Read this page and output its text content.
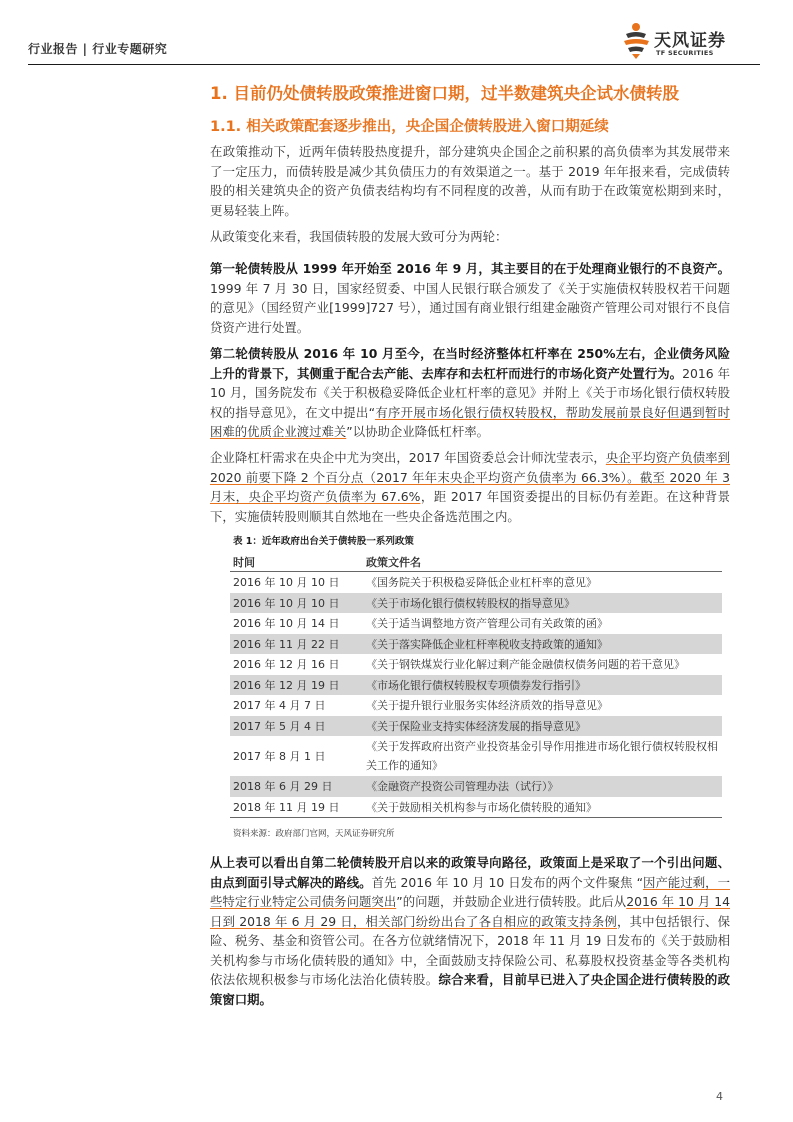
行业报告 | 行业专题研究	天风证券
TF SECURITIES
1. 目前仍处债转股政策推进窗口期，过半数建筑央企试水债转股
1.1. 相关政策配套逐步推出，央企国企债转股进入窗口期延续
在政策推动下，近两年债转股热度提升，部分建筑央企国企之前积累的高负债率为其发展带来了一定压力，而债转股是减少其负债压力的有效渠道之一。基于 2019 年年报来看，完成债转股的相关建筑央企的资产负债表结构均有不同程度的改善，从而有助于在政策宽松期到来时，更易轻装上阵。
从政策变化来看，我国债转股的发展大致可分为两轮：
第一轮债转股从 1999 年开始至 2016 年 9 月，其主要目的在于处理商业银行的不良资产。1999 年 7 月 30 日，国家经贸委、中国人民银行联合颁发了《关于实施债权转股权若干问题的意见》（国经贸产业[1999]727 号），通过国有商业银行组建金融资产管理公司对银行不良信贷资产进行处置。
第二轮债转股从 2016 年 10 月至今，在当时经济整体杠杆率在 250%左右，企业债务风险上升的背景下，其侧重于配合去产能、去库存和去杠杆而进行的市场化资产处置行为。2016 年 10 月，国务院发布《关于积极稳妥降低企业杠杆率的意见》并附上《关于市场化银行债权转股权的指导意见》，在文中提出“有序开展市场化银行债权转股权，帮助发展前景良好但遇到暂时困难的优质企业渡过难关”以协助企业降低杠杆率。
企业降杠杆需求在央企中尤为突出，2017 年国资委总会计师沈莹表示，央企平均资产负债率到 2020 前要下降 2 个百分点（2017 年年末央企平均资产负债率为 66.3%）。截至 2020 年 3 月末，央企平均资产负债率为 67.6%，距 2017 年国资委提出的目标仍有差距。在这种背景下，实施债转股则顺其自然地在一些央企备选范围之内。
表 1：近年政府出台关于债转股一系列政策
时间	政策文件名
2016 年 10 月 10 日	《国务院关于积极稳妥降低企业杠杆率的意见》
2016 年 10 月 10 日	《关于市场化银行债权转股权的指导意见》
2016 年 10 月 14 日	《关于适当调整地方资产管理公司有关政策的函》
2016 年 11 月 22 日	《关于落实降低企业杠杆率税收支持政策的通知》
2016 年 12 月 16 日	《关于钢铁煤炭行业化解过剩产能金融债权债务问题的若干意见》
2016 年 12 月 19 日	《市场化银行债权转股权专项债券发行指引》
2017 年 4 月 7 日	《关于提升银行业服务实体经济质效的指导意见》
2017 年 5 月 4 日	《关于保险业支持实体经济发展的指导意见》
2017 年 8 月 1 日	《关于发挥政府出资产业投资基金引导作用推进市场化银行债权转股权相关工作的通知》
2018 年 6 月 29 日	《金融资产投资公司管理办法（试行）》
2018 年 11 月 19 日	《关于鼓励相关机构参与市场化债转股的通知》
资料来源：政府部门官网，天风证券研究所
从上表可以看出自第二轮债转股开启以来的政策导向路径，政策面上是采取了一个引出问题、由点到面引导式解决的路线。首先 2016 年 10 月 10 日发布的两个文件聚焦 “因产能过剩，一些特定行业特定公司债务问题突出”的问题，并鼓励企业进行债转股。此后从2016 年 10 月 14 日到 2018 年 6 月 29 日，相关部门纷纷出台了各自相应的政策支持条例，其中包括银行、保险、税务、基金和资管公司。在各方位就绪情况下，2018 年 11 月 19 日发布的《关于鼓励相关机构参与市场化债转股的通知》中，全面鼓励支持保险公司、私募股权投资基金等各类机构依法依规积极参与市场化法治化债转股。综合来看，目前早已进入了央企国企进行债转股的政策窗口期。
4
